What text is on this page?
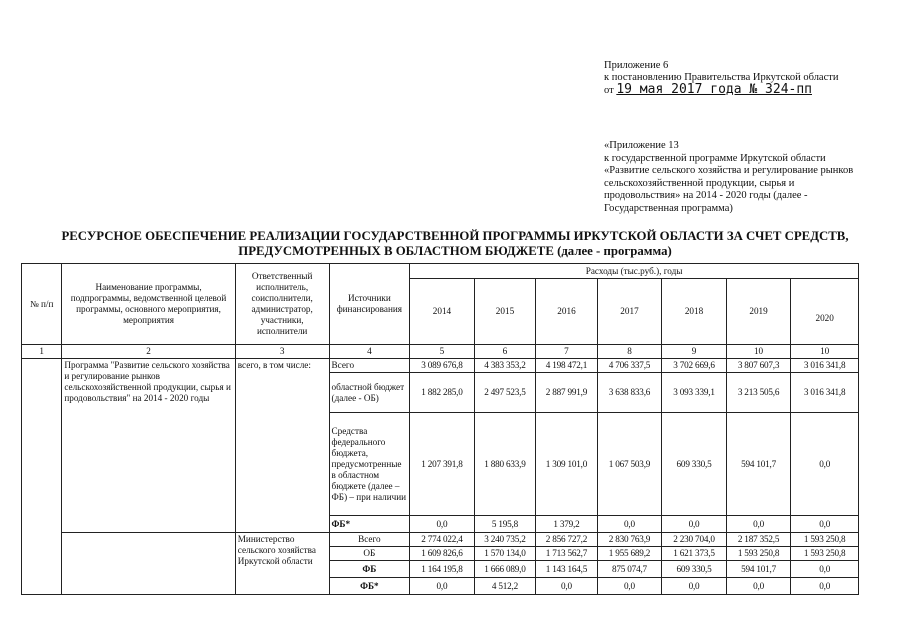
Приложение 6
к постановлению Правительства Иркутской области
от 19 мая 2017 года № 324-пп
«Приложение 13
к государственной программе Иркутской области
«Развитие сельского хозяйства и регулирование рынков
сельскохозяйственной продукции, сырья и
продовольствия» на 2014 - 2020 годы (далее -
Государственная программа)
РЕСУРСНОЕ ОБЕСПЕЧЕНИЕ РЕАЛИЗАЦИИ ГОСУДАРСТВЕННОЙ ПРОГРАММЫ ИРКУТСКОЙ ОБЛАСТИ ЗА СЧЕТ СРЕДСТВ,
ПРЕДУСМОТРЕННЫХ В ОБЛАСТНОМ БЮДЖЕТЕ (далее - программа)
№ п/п	Наименование программы, подпрограммы, ведомственной целевой программы, основного мероприятия, мероприятия	Ответственный исполнитель, соисполнители, администратор, участники, исполнители	Источники финансирования	Расходы (тыс.руб.), годы						
				2014	2015	2016	2017	2018	2019	2020
1	2	3	4	5	6	7	8	9	10	10
	Программа "Развитие сельского хозяйства и регулирование рынков сельскохозяйственной продукции, сырья и продовольствия" на 2014 - 2020 годы	всего, в том числе:	Всего	3 089 676,8	4 383 353,2	4 198 472,1	4 706 337,5	3 702 669,6	3 807 607,3	3 016 341,8
			областной бюджет (далее - ОБ)	1 882 285,0	2 497 523,5	2 887 991,9	3 638 833,6	3 093 339,1	3 213 505,6	3 016 341,8
			Средства федерального бюджета, предусмотренные в областном бюджете (далее – ФБ) – при наличии	1 207 391,8	1 880 633,9	1 309 101,0	1 067 503,9	609 330,5	594 101,7	0,0
			ФБ*	0,0	5 195,8	1 379,2	0,0	0,0	0,0	0,0
		Министерство сельского хозяйства Иркутской области	Всего	2 774 022,4	3 240 735,2	2 856 727,2	2 830 763,9	2 230 704,0	2 187 352,5	1 593 250,8
			ОБ	1 609 826,6	1 570 134,0	1 713 562,7	1 955 689,2	1 621 373,5	1 593 250,8	1 593 250,8
			ФБ	1 164 195,8	1 666 089,0	1 143 164,5	875 074,7	609 330,5	594 101,7	0,0
			ФБ*	0,0	4 512,2	0,0	0,0	0,0	0,0	0,0
